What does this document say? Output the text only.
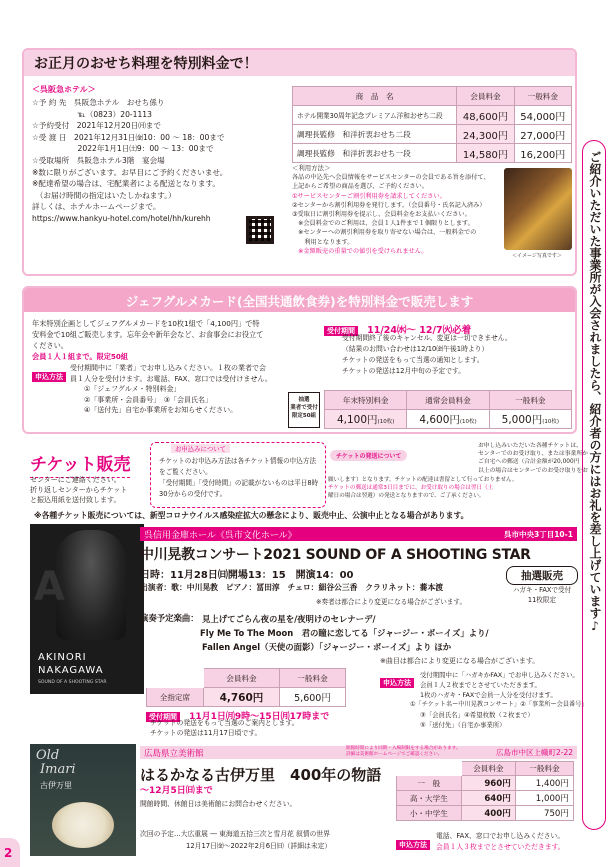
お正月のおせち料理を特別料金で！
＜呉阪急ホテル＞
☆予 約 先　呉阪急ホテル　おせち係り
　　　　　　℡（0823）20-1113
☆予約受付　2021年12月20日㈪まで
☆受 渡 日　2021年12月31日㈮10：00 ～ 18：00まで
　　　　　　2022年1月1日㈯9：00 ～ 13：00まで
☆受取場所　呉阪急ホテル3階　宴会場
※数に限りがございます。お早目にご予約くださいませ。
※配達希望の場合は、宅配業者による配送となります。
　（お届け時間の指定はいたしかねます。）
詳しくは、ホテルホームページまで。
https://www.hankyu-hotel.com/hotel/hh/kurehh
商　品　名	会員料金	一般料金
ホテル開業30周年記念プレミアム洋和おせち二段	48,600円	54,000円
調理長監修　和洋折衷おせち二段	24,300円	27,000円
調理長監修　和洋折衷おせち一段	14,580円	16,200円
＜利用方法＞
各品の中込先へ会員情報をサービスセンターの会員である旨を添付て、
上記からご希望の商品を選び、ご予約ください。
①サービスセンターご割引利用券を請求してください。
②センターから割引利用券を発行します。（会員番号・氏名記入済み）
③受取日に割引利用券を提示し、会員料金をお支払いください。
　※会員料金でのご利用は、会員１人1件まで１個限りとします。
　※センターへの割引利用券を取り寄せない場合は、一般料金での
　　利用となります。
　※金額販売の重量での値引を受けられません。
＜イメージ写真です＞
ジェフグルメカード(全国共通飲食券)を特別料金で販売します
年末特別企画としてジェフグルメカードを10枚1組で「4,100円」で特
安料金で10組ご販売します。忘年会や新年会など、お食事会にお役立て
ください。
会員１人１組まで。限定50組
申込方法
受付期間中に「業者」でお申し込みください。１枚の業者で会
員１人分を受付けます。お電話、FAX、窓口では受付けません。
①「ジェフグルメ・特別料金」
②「事業所・会員番号」　③「会員氏名」
④「送付先」自宅か事業所をお知らせください。
抽選
業者で受付
限定50組
受付期間 11/24㈬～ 12/7㈫必着
受付期間終了後のキャンセル、変更は一切できません。
（結果のお問い合わせは12/10㈮午後1時より）
チケットの発送をもって当選の通知とします。
チケットの発送は12月中旬の予定です。
年末特別料金	通常会員料金	一般料金
4,100円(10枚)	4,600円(10枚)	5,000円(10枚)
チケット販売
センターにご連絡ください。
折り返しセンターからチケット
と振込用紙を送付致します。
お申込みについて
チケットのお申込み方法は各チケット情報の申込方法
をご覧ください。
「受付期間」「受付時間」の記載がないものは平日8時
30分からの受付です。
チケットの発送について
お申し込みいただいた各種チケットは、
センターでのお受け取り、または事業所か
ご自宅への郵送（合計金額が20,000円
以上の場合はセンターでのお受け取りをお
願いします）となります。チケットの配達は書留として行っておりません。
チケットの郵送は通常3日目までに、お受け取りの場合は翌日（土
曜日の場合は翌週）の発送となりますので、ご了承ください。
※各種チケット販売については、新型コロナウイルス感染症拡大の懸念により、販売中止、公演中止となる場合があります。
A
AKINORI
NAKAGAWA
SOUND OF A SHOOTING STAR
呉信用金庫ホール《呉市文化ホール》	呉市中央3丁目10-1
中川晃教コンサート2021 SOUND OF A SHOOTING STAR
日時：11月28日㈰開場13：15　開演14：00
出演者：歌：中川晃教　ピアノ：冨田淳　チェロ：細谷公三香　クラリネット：蕎本渡
※奏者は都合により変更になる場合がございます。
抽選販売
ハガキ・FAXで受付
11枚限定
演奏予定楽曲： 見上げてごらん夜の星を/夜明けのセレナーデ/
Fly Me To The Moon　君の瞳に恋してる「ジャージー・ボーイズ」より/
Fallen Angel（天使の面影）「ジャージー・ボーイズ」より ほか
※曲目は都合により変更になる場合がございます。
	会員料金	一般料金
全指定席	4,760円	5,600円
申込方法
受付期間中に「ハガキかFAX」でお申し込みください。
会員１人２枚までとさせていただきます。
1枚のハガキ・FAXで会員一人分を受付けます。
①「チケット名ー中川晃教コンサート」②「事業所ー会員番号」
③「会員氏名」④希望枚数（２枚まで）
⑤「送付先」（自宅か事業所）
受付期間 11月1日㈪9時～15日㈪17時まで
チケットの発送をもって当選のご案内とします。
チケットの発送は11月17日頃です。
Old
Imari
古伊万里
広島県立美術館
開館時間により同期・入場制限をする場合があります。
詳細は美術館ホームページでご確認ください。	広島市中区上幟町2-22
はるかなる古伊万里　400年の物語
～12月5日㈰まで
開館時間、休館日は美術館にお問合わせください。
次回の予定…大広重展 ― 東海道五拾三次と雪月花 叙情の世界
12月17日㈮～2022年2月6日㈰（詳細は未定）
	会員料金	一般料金
一　般	960円	1,400円
高・大学生	640円	1,000円
小・中学生	400円	750円
申込方法
電話、FAX、窓口でお申し込みください。
会員１人３枚までとさせていただきます。
ご紹介いただいた事業所が入会されましたら、紹介者の方にはお礼を差し上げています♪
2
